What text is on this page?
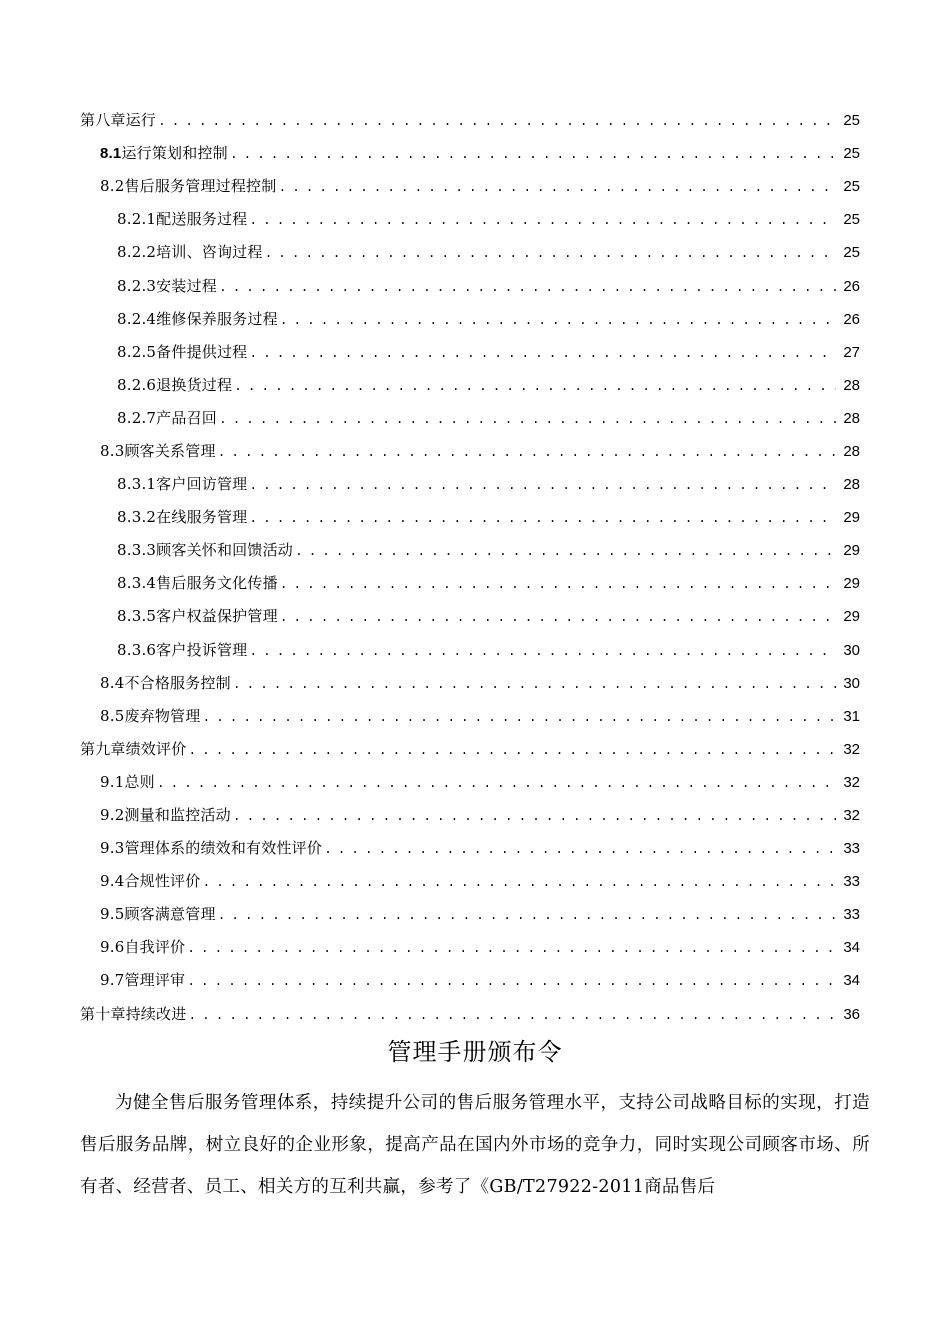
第八章运行 . . .	25
8.1运行策划和控制 . . .	25
8.2售后服务管理过程控制 . . .	25
8.2.1配送服务过程 . . .	25
8.2.2培训、咨询过程 . . .	25
8.2.3安装过程 . . .	26
8.2.4维修保养服务过程 . . .	26
8.2.5备件提供过程 . . .	27
8.2.6退换货过程 . . .	28
8.2.7产品召回 . . .	28
8.3顾客关系管理 . . .	28
8.3.1客户回访管理 . . .	28
8.3.2在线服务管理 . . .	29
8.3.3顾客关怀和回馈活动 . . .	29
8.3.4售后服务文化传播 . . .	29
8.3.5客户权益保护管理 . . .	29
8.3.6客户投诉管理 . . .	30
8.4不合格服务控制 . . .	30
8.5废弃物管理 . . .	31
第九章绩效评价 . . .	32
9.1总则 . . .	32
9.2测量和监控活动 . . .	32
9.3管理体系的绩效和有效性评价 . . .	33
9.4合规性评价 . . .	33
9.5顾客满意管理 . . .	33
9.6自我评价 . . .	34
9.7管理评审 . . .	34
第十章持续改进 . . .	36
管理手册颁布令
为健全售后服务管理体系，持续提升公司的售后服务管理水平，支持公司战略目标的实现，打造售后服务品牌，树立良好的企业形象，提高产品在国内外市场的竞争力，同时实现公司顾客市场、所有者、经营者、员工、相关方的互利共赢，参考了《GB/T27922-2011商品售后
